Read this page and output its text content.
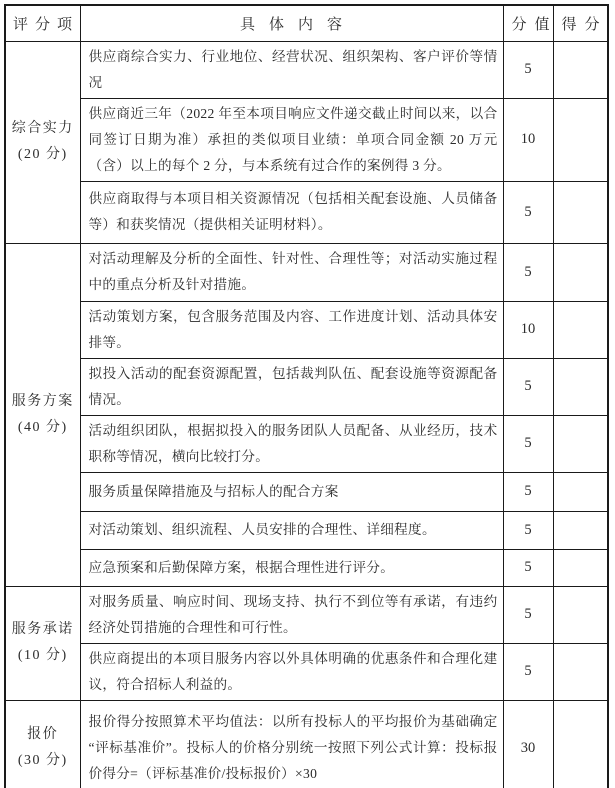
评分项	具体内容	分值	得分

综合实力
(20 分)	供应商综合实力、行业地位、经营状况、组织架构、客户评价等情况	5	
	供应商近三年（2022 年至本项目响应文件递交截止时间以来，以合同签订日期为准）承担的类似项目业绩：单项合同金额 20 万元（含）以上的每个 2 分，与本系统有过合作的案例得 3 分。	10	
	供应商取得与本项目相关资源情况（包括相关配套设施、人员储备等）和获奖情况（提供相关证明材料）。	5	

服务方案
(40 分)	对活动理解及分析的全面性、针对性、合理性等；对活动实施过程中的重点分析及针对措施。	5	
	活动策划方案，包含服务范围及内容、工作进度计划、活动具体安排等。	10	
	拟投入活动的配套资源配置，包括裁判队伍、配套设施等资源配备情况。	5	
	活动组织团队，根据拟投入的服务团队人员配备、从业经历，技术职称等情况，横向比较打分。	5	
	服务质量保障措施及与招标人的配合方案	5	
	对活动策划、组织流程、人员安排的合理性、详细程度。	5	
	应急预案和后勤保障方案，根据合理性进行评分。	5	

服务承诺
(10 分)	对服务质量、响应时间、现场支持、执行不到位等有承诺，有违约经济处罚措施的合理性和可行性。	5	
	供应商提出的本项目服务内容以外具体明确的优惠条件和合理化建议，符合招标人利益的。	5	

报价
(30 分)	报价得分按照算术平均值法：以所有投标人的平均报价为基础确定“评标基准价”。投标人的价格分别统一按照下列公式计算：投标报价得分=（评标基准价/投标报价）×30	30	
